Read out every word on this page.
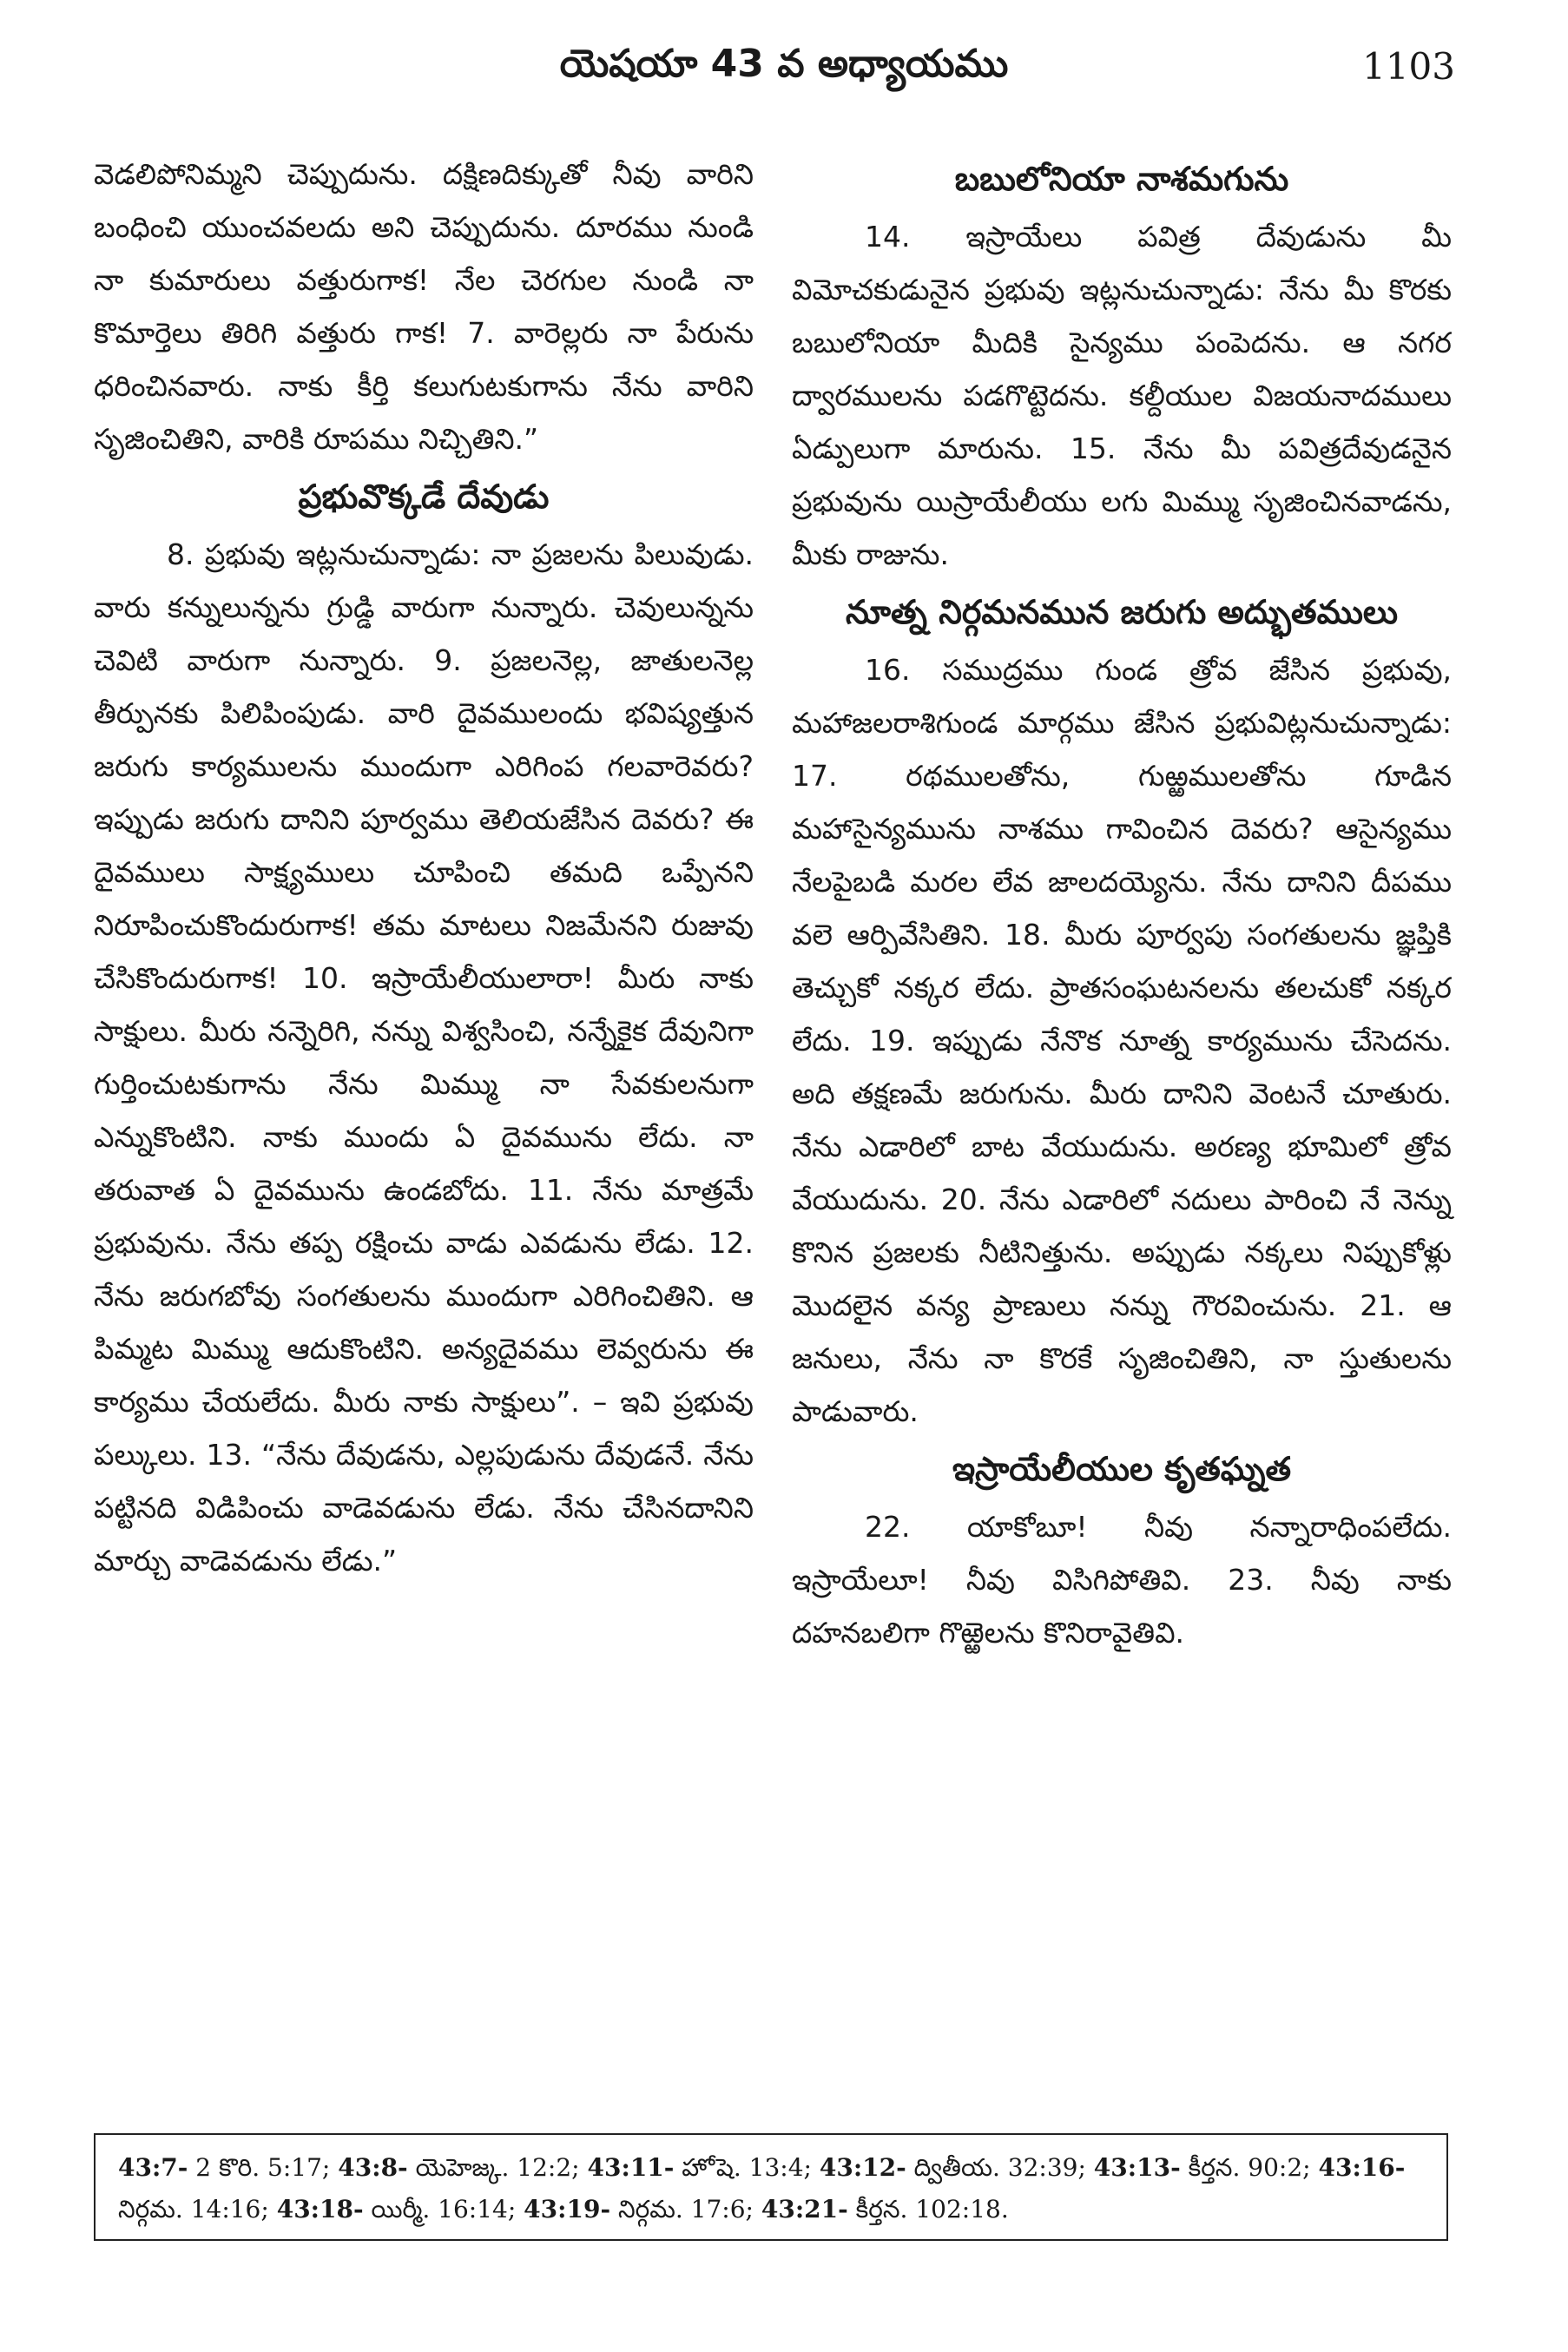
యెషయా 43 వ అధ్యాయము	1103

వెడలిపోనిమ్మని చెప్పుదును. దక్షిణదిక్కుతో నీవు వారిని బంధించి యుంచవలదు అని చెప్పుదును. దూరము నుండి నా కుమారులు వత్తురుగాక! నేల చెరగుల నుండి నా కొమార్తెలు తిరిగి వత్తురు గాక! 7. వారెల్లరు నా పేరును ధరించినవారు. నాకు కీర్తి కలుగుటకుగాను నేను వారిని సృజించితిని, వారికి రూపము నిచ్చితిని.”

ప్రభువొక్కడే దేవుడు

8. ప్రభువు ఇట్లనుచున్నాడు: నా ప్రజలను పిలువుడు. వారు కన్నులున్నను గ్రుడ్డి వారుగా నున్నారు. చెవులున్నను చెవిటి వారుగా నున్నారు. 9. ప్రజలనెల్ల, జాతులనెల్ల తీర్పునకు పిలిపింపుడు. వారి దైవములందు భవిష్యత్తున జరుగు కార్యములను ముందుగా ఎరిగింప గలవారెవరు? ఇప్పుడు జరుగు దానిని పూర్వము తెలియజేసిన దెవరు? ఈ దైవములు సాక్ష్యములు చూపించి తమది ఒప్పేనని నిరూపించుకొందురుగాక! తమ మాటలు నిజమేనని రుజువు చేసికొందురుగాక! 10. ఇస్రాయేలీయులారా! మీరు నాకు సాక్షులు. మీరు నన్నెరిగి, నన్ను విశ్వసించి, నన్నేకైక దేవునిగా గుర్తించుటకుగాను నేను మిమ్ము నా సేవకులనుగా ఎన్నుకొంటిని. నాకు ముందు ఏ దైవమును లేదు. నా తరువాత ఏ దైవమును ఉండబోదు. 11. నేను మాత్రమే ప్రభువును. నేను తప్ప రక్షించు వాడు ఎవడును లేడు. 12. నేను జరుగబోవు సంగతులను ముందుగా ఎరిగించితిని. ఆ పిమ్మట మిమ్ము ఆదుకొంటిని. అన్యదైవము లెవ్వరును ఈ కార్యము చేయలేదు. మీరు నాకు సాక్షులు”. – ఇవి ప్రభువు పల్కులు. 13. “నేను దేవుడను, ఎల్లపుడును దేవుడనే. నేను పట్టినది విడిపించు వాడెవడును లేడు. నేను చేసినదానిని మార్చు వాడెవడును లేడు.”

బబులోనియా నాశమగును

14. ఇస్రాయేలు పవిత్ర దేవుడును మీ విమోచకుడునైన ప్రభువు ఇట్లనుచున్నాడు: నేను మీ కొరకు బబులోనియా మీదికి సైన్యము పంపెదను. ఆ నగర ద్వారములను పడగొట్టెదను. కల్దీయుల విజయనాదములు ఏడ్పులుగా మారును. 15. నేను మీ పవిత్రదేవుడనైన ప్రభువును యిస్రాయేలీయు లగు మిమ్ము సృజించినవాడను, మీకు రాజును.

నూత్న నిర్గమనమున జరుగు అద్భుతములు

16. సముద్రము గుండ త్రోవ జేసిన ప్రభువు, మహాజలరాశిగుండ మార్గము జేసిన ప్రభువిట్లనుచున్నాడు: 17. రథములతోను, గుఱ్ఱములతోను గూడిన మహాసైన్యమును నాశము గావించిన దెవరు? ఆసైన్యము నేలపైబడి మరల లేవ జాలదయ్యెను. నేను దానిని దీపము వలె ఆర్పివేసితిని. 18. మీరు పూర్వపు సంగతులను జ్ఞప్తికి తెచ్చుకో నక్కర లేదు. ప్రాతసంఘటనలను తలచుకో నక్కర లేదు. 19. ఇప్పుడు నేనొక నూత్న కార్యమును చేసెదను. అది తక్షణమే జరుగును. మీరు దానిని వెంటనే చూతురు. నేను ఎడారిలో బాట వేయుదును. అరణ్య భూమిలో త్రోవ వేయుదును. 20. నేను ఎడారిలో నదులు పారించి నే నెన్ను కొనిన ప్రజలకు నీటినిత్తును. అప్పుడు నక్కలు నిప్పుకోళ్లు మొదలైన వన్య ప్రాణులు నన్ను గౌరవించును. 21. ఆ జనులు, నేను నా కొరకే సృజించితిని, నా స్తుతులను పాడువారు.

ఇస్రాయేలీయుల కృతఘ్నత

22. యాకోబూ! నీవు నన్నారాధింపలేదు. ఇస్రాయేలూ! నీవు విసిగిపోతివి. 23. నీవు నాకు దహనబలిగా గొఱ్ఱెలను కొనిరావైతివి.

43:7- 2 కొరి. 5:17; 43:8- యెహెజ్క. 12:2; 43:11- హోషె. 13:4; 43:12- ద్వితీయ. 32:39; 43:13- కీర్తన. 90:2; 43:16- నిర్గమ. 14:16; 43:18- యిర్మీ. 16:14; 43:19- నిర్గమ. 17:6; 43:21- కీర్తన. 102:18.
